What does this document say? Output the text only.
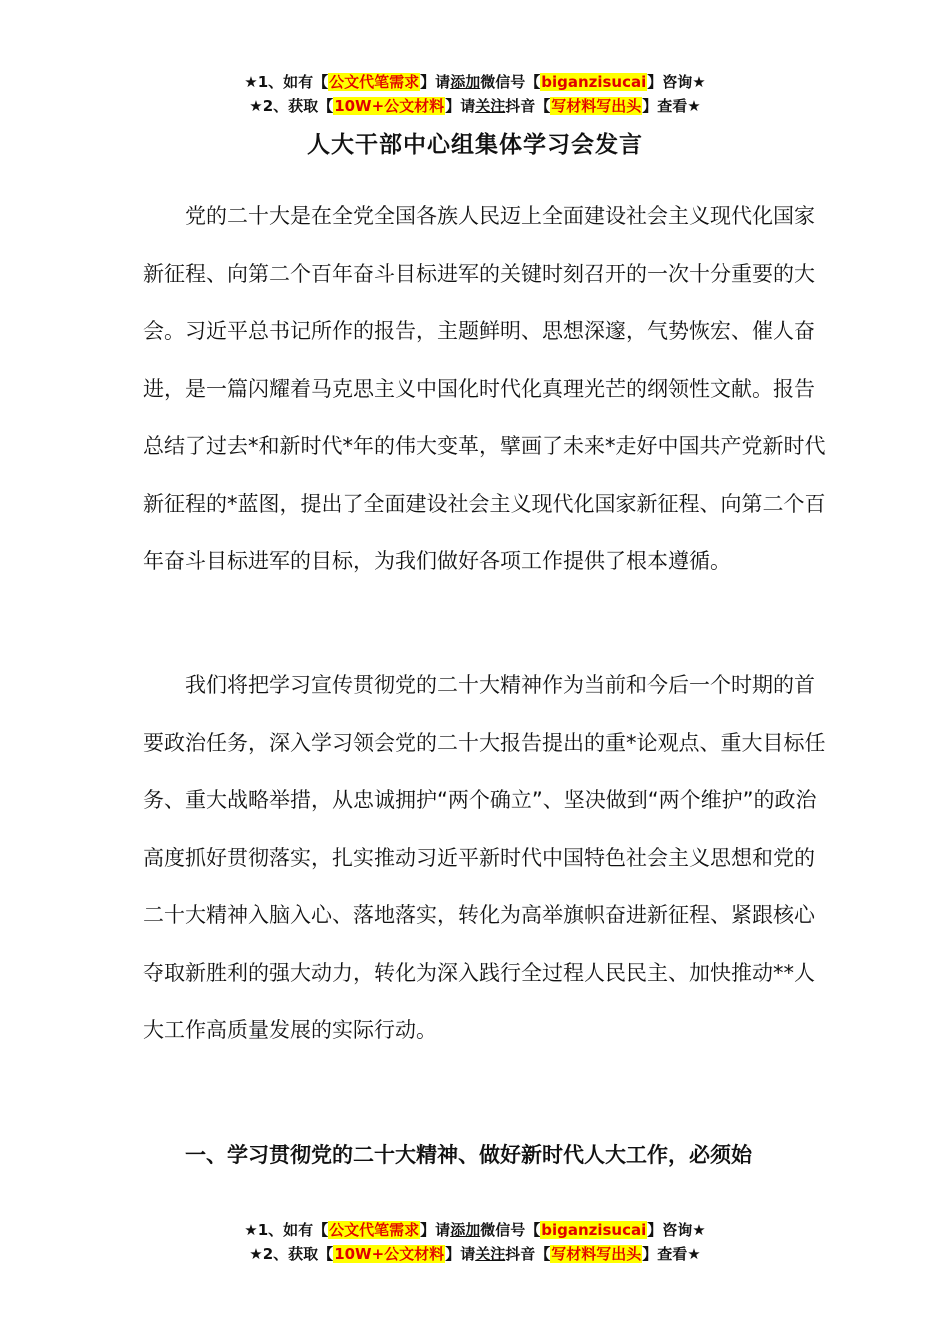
★1、如有【公文代笔需求】请添加微信号【biganzisucai】咨询★
★2、获取【10W+公文材料】请关注抖音【写材料写出头】查看★
人大干部中心组集体学习会发言

党的二十大是在全党全国各族人民迈上全面建设社会主义现代化国家新征程、向第二个百年奋斗目标进军的关键时刻召开的一次十分重要的大会。习近平总书记所作的报告，主题鲜明、思想深邃，气势恢宏、催人奋进，是一篇闪耀着马克思主义中国化时代化真理光芒的纲领性文献。报告总结了过去*和新时代*年的伟大变革，擘画了未来*走好中国共产党新时代新征程的*蓝图，提出了全面建设社会主义现代化国家新征程、向第二个百年奋斗目标进军的目标，为我们做好各项工作提供了根本遵循。

我们将把学习宣传贯彻党的二十大精神作为当前和今后一个时期的首要政治任务，深入学习领会党的二十大报告提出的重*论观点、重大目标任务、重大战略举措，从忠诚拥护“两个确立”、坚决做到“两个维护”的政治高度抓好贯彻落实，扎实推动习近平新时代中国特色社会主义思想和党的二十大精神入脑入心、落地落实，转化为高举旗帜奋进新征程、紧跟核心夺取新胜利的强大动力，转化为深入践行全过程人民民主、加快推动**人大工作高质量发展的实际行动。

一、学习贯彻党的二十大精神、做好新时代人大工作，必须始
★1、如有【公文代笔需求】请添加微信号【biganzisucai】咨询★
★2、获取【10W+公文材料】请关注抖音【写材料写出头】查看★
